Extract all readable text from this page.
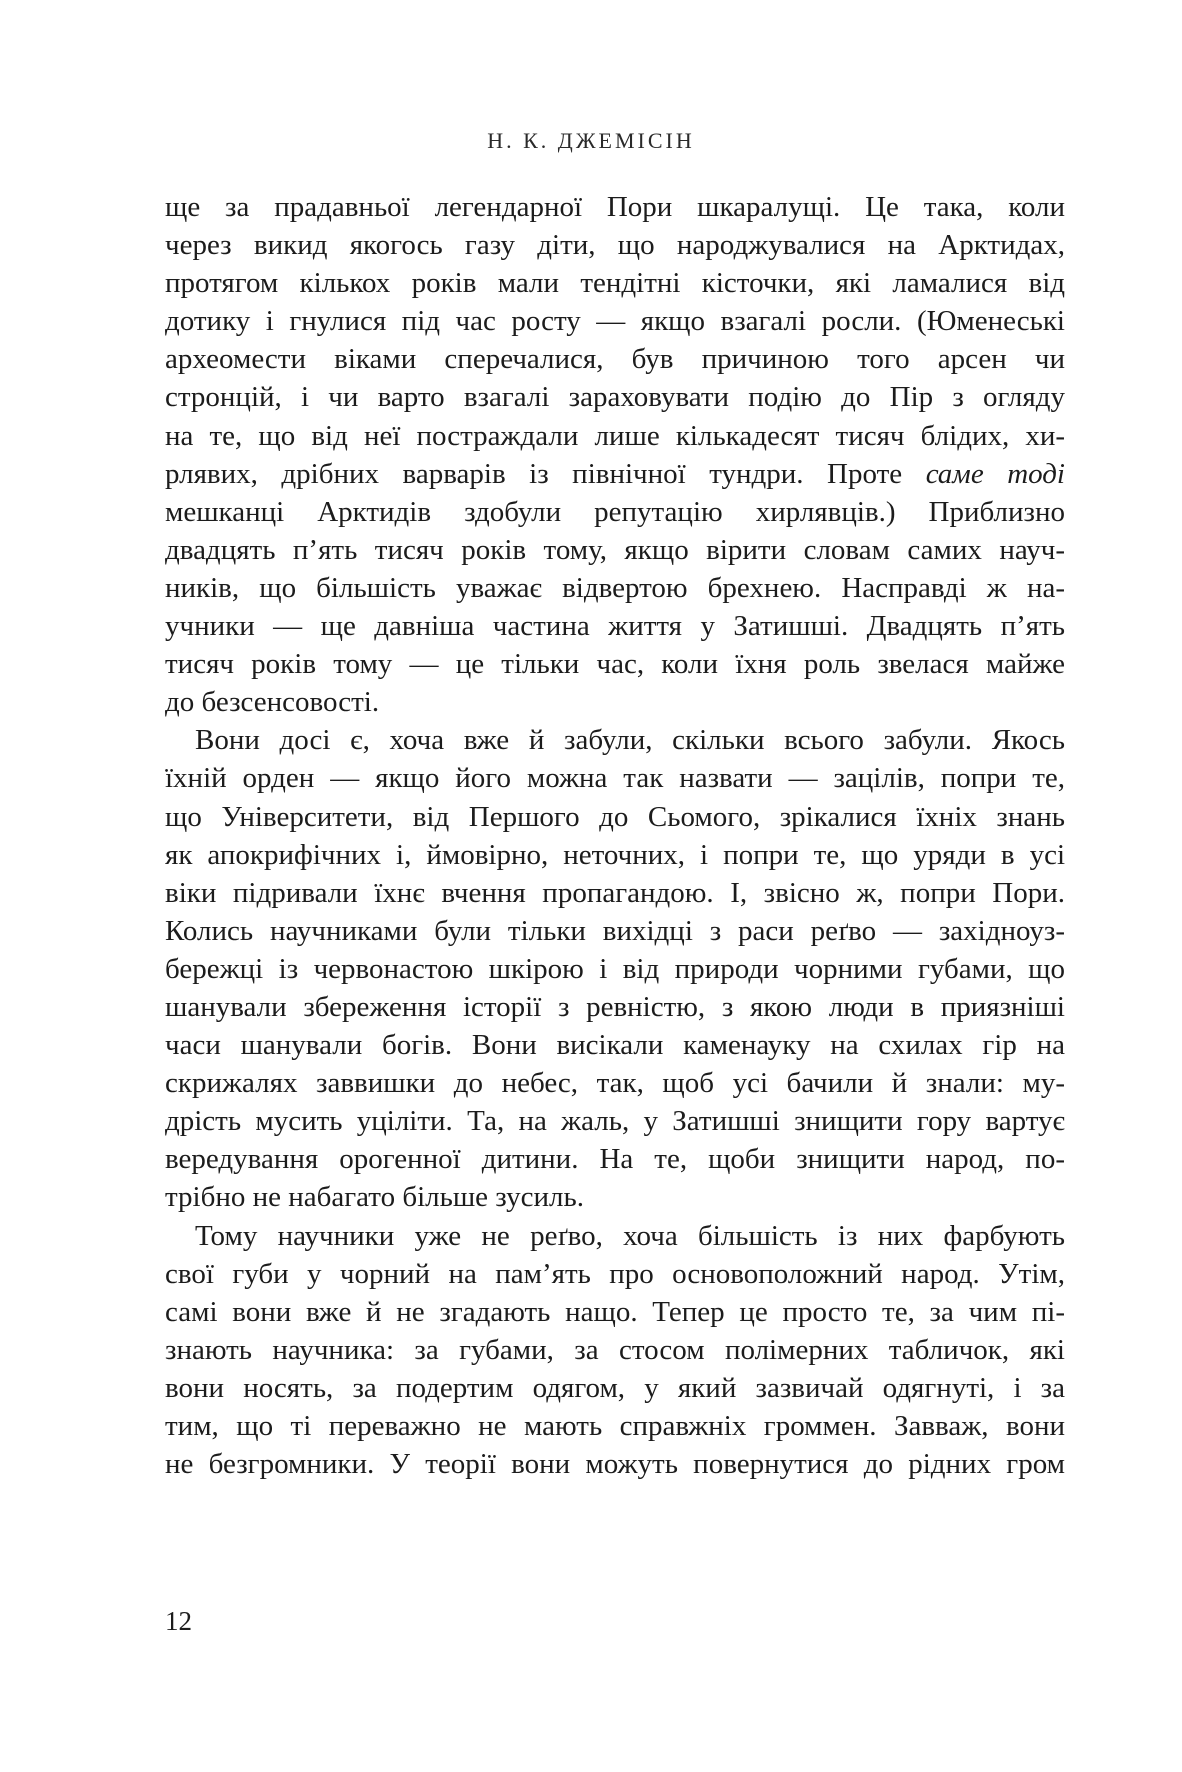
Н. К. ДЖЕМІСІН
ще за прадавньої легендарної Пори шкаралущі. Це така, коли
через викид якогось газу діти, що народжувалися на Арктидах,
протягом кількох років мали тендітні кісточки, які ламалися від
дотику і гнулися під час росту — якщо взагалі росли. (Юменеські
археомести віками сперечалися, був причиною того арсен чи
стронцій, і чи варто взагалі зараховувати подію до Пір з огляду
на те, що від неї постраждали лише кількадесят тисяч блідих, хи-
рлявих, дрібних варварів із північної тундри. Проте саме тоді
мешканці Арктидів здобули репутацію хирлявців.) Приблизно
двадцять п’ять тисяч років тому, якщо вірити словам самих науч-
ників, що більшість уважає відвертою брехнею. Насправді ж на-
учники — ще давніша частина життя у Затишші. Двадцять п’ять
тисяч років тому — це тільки час, коли їхня роль звелася майже
до безсенсовості.
Вони досі є, хоча вже й забули, скільки всього забули. Якось
їхній орден — якщо його можна так назвати — зацілів, попри те,
що Університети, від Першого до Сьомого, зрікалися їхніх знань
як апокрифічних і, ймовірно, неточних, і попри те, що уряди в усі
віки підривали їхнє вчення пропагандою. І, звісно ж, попри Пори.
Колись научниками були тільки вихідці з раси реґво — західноуз-
бережці із червонастою шкірою і від природи чорними губами, що
шанували збереження історії з ревністю, з якою люди в приязніші
часи шанували богів. Вони висікали каменауку на схилах гір на
скрижалях заввишки до небес, так, щоб усі бачили й знали: му-
дрість мусить уціліти. Та, на жаль, у Затишші знищити гору вартує
вередування орогенної дитини. На те, щоби знищити народ, по-
трібно не набагато більше зусиль.
Тому научники уже не реґво, хоча більшість із них фарбують
свої губи у чорний на пам’ять про основоположний народ. Утім,
самі вони вже й не згадають нащо. Тепер це просто те, за чим пі-
знають научника: за губами, за стосом полімерних табличок, які
вони носять, за подертим одягом, у який зазвичай одягнуті, і за
тим, що ті переважно не мають справжніх громмен. Завваж, вони
не безгромники. У теорії вони можуть повернутися до рідних гром
12
